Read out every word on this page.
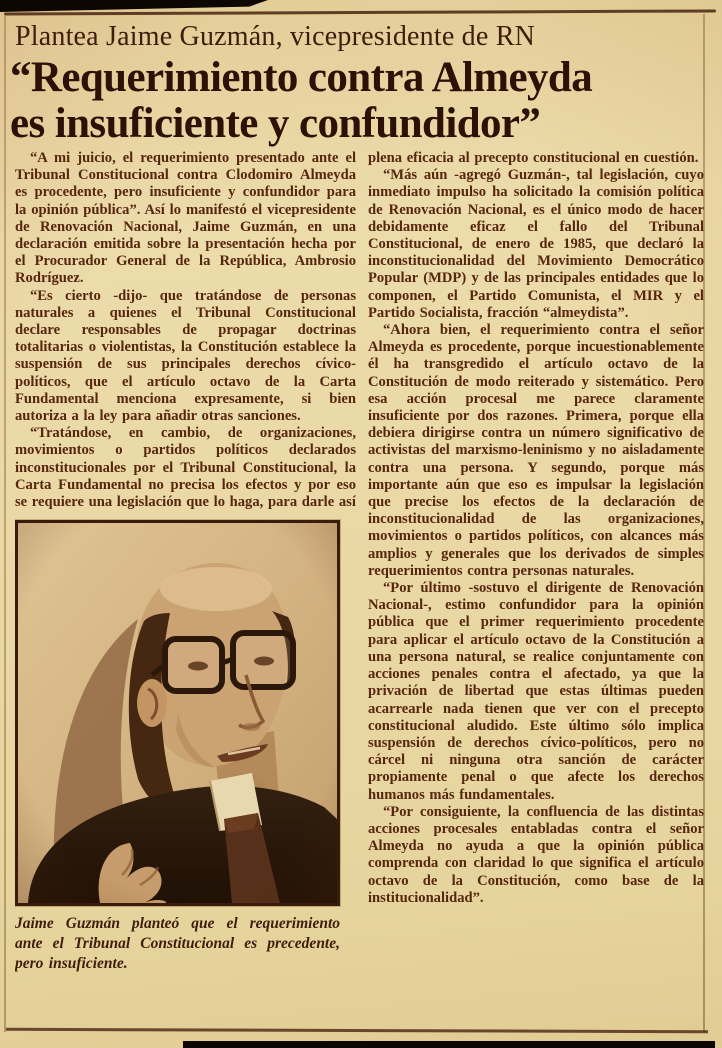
Plantea Jaime Guzmán, vicepresidente de RN
“Requerimiento contra Almeyda
es insuficiente y confundidor”

“A mi juicio, el requerimiento presentado ante el Tribunal Constitucional contra Clodomiro Almeyda es procedente, pero insuficiente y confundidor para la opinión pública”. Así lo manifestó el vicepresidente de Renovación Nacional, Jaime Guzmán, en una declaración emitida sobre la presentación hecha por el Procurador General de la República, Ambrosio Rodríguez.

“Es cierto -dijo- que tratándose de personas naturales a quienes el Tribunal Constitucional declare responsables de propagar doctrinas totalitarias o violentistas, la Constitución establece la suspensión de sus principales derechos cívico-políticos, que el artículo octavo de la Carta Fundamental menciona expresamente, si bien autoriza a la ley para añadir otras sanciones.

“Tratándose, en cambio, de organizaciones, movimientos o partidos políticos declarados inconstitucionales por el Tribunal Constitucional, la Carta Fundamental no precisa los efectos y por eso se requiere una legislación que lo haga, para darle así

Jaime Guzmán planteó que el requerimiento ante el Tribunal Constitucional es precedente, pero insuficiente.

plena eficacia al precepto constitucional en cuestión.

“Más aún -agregó Guzmán-, tal legislación, cuyo inmediato impulso ha solicitado la comisión política de Renovación Nacional, es el único modo de hacer debidamente eficaz el fallo del Tribunal Constitucional, de enero de 1985, que declaró la inconstitucionalidad del Movimiento Democrático Popular (MDP) y de las principales entidades que lo componen, el Partido Comunista, el MIR y el Partido Socialista, fracción “almeydista”.

“Ahora bien, el requerimiento contra el señor Almeyda es procedente, porque incuestionablemente él ha transgredido el artículo octavo de la Constitución de modo reiterado y sistemático. Pero esa acción procesal me parece claramente insuficiente por dos razones. Primera, porque ella debiera dirigirse contra un número significativo de activistas del marxismo-leninismo y no aisladamente contra una persona. Y segundo, porque más importante aún que eso es impulsar la legislación que precise los efectos de la declaración de inconstitucionalidad de las organizaciones, movimientos o partidos políticos, con alcances más amplios y generales que los derivados de simples requerimientos contra personas naturales.

“Por último -sostuvo el dirigente de Renovación Nacional-, estimo confundidor para la opinión pública que el primer requerimiento procedente para aplicar el artículo octavo de la Constitución a una persona natural, se realice conjuntamente con acciones penales contra el afectado, ya que la privación de libertad que estas últimas pueden acarrearle nada tienen que ver con el precepto constitucional aludido. Este último sólo implica suspensión de derechos cívico-políticos, pero no cárcel ni ninguna otra sanción de carácter propiamente penal o que afecte los derechos humanos más fundamentales.

“Por consiguiente, la confluencia de las distintas acciones procesales entabladas contra el señor Almeyda no ayuda a que la opinión pública comprenda con claridad lo que significa el artículo octavo de la Constitución, como base de la institucionalidad”.
